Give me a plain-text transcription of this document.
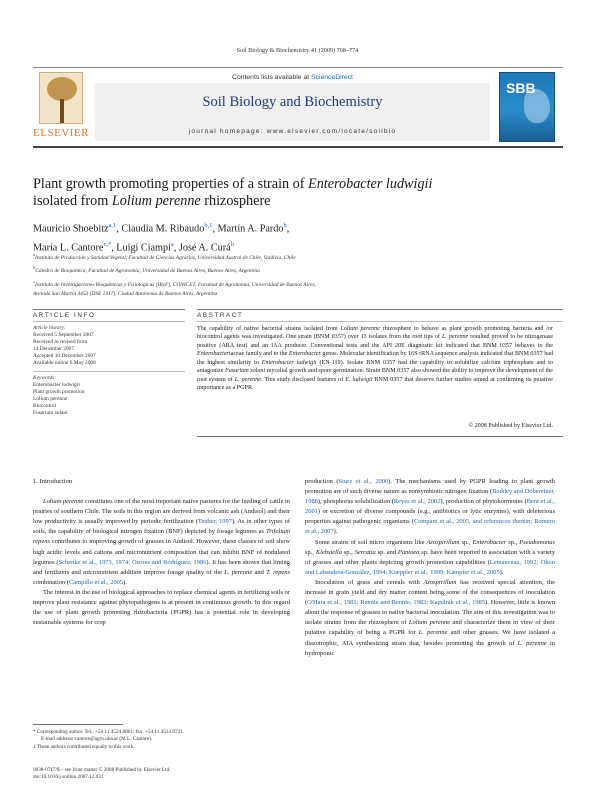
Soil Biology & Biochemistry 41 (2009) 768–774
ELSEVIER
Contents lists available at ScienceDirect
Soil Biology and Biochemistry
journal homepage: www.elsevier.com/locate/soilbio
SBB
Plant growth promoting properties of a strain of Enterobacter ludwigii isolated from Lolium perenne rhizosphere
Mauricio Shoebitz$^{a,1}$, Claudia M. Ribaudo$^{b,1}$, Martín A. Pardo$^b$,
María L. Cantore$^{c,*}$, Luigi Ciampi$^a$, José A. Curá$^b$
$^a$Instituto de Producción y Sanidad Vegetal, Facultad de Ciencias Agrarias, Universidad Austral de Chile, Valdivia, Chile
$^b$Cátedra de Bioquímica, Facultad de Agronomía, Universidad de Buenos Aires, Buenos Aires, Argentina
$^c$Instituto de Investigaciones Bioquímicas y Fisiológicas (IByF), CONICET, Facultad de Agronomía, Universidad de Buenos Aires,
Avenida San Martín 4453 (DSE 1417), Ciudad Autónoma de Buenos Aires, Argentina
ARTICLE INFO	ABSTRACT
Article history:
Received 5 September 2007
Received in revised form
14 December 2007
Accepted 10 December 2007
Available online 6 May 2008
Keywords:
Enterobacter ludwigii
Plant growth promotion
Lolium perenne
Biocontrol
Fusarium solani
The capability of native bacterial strains isolated from Lolium perenne rhizosphere to behave as plant growth promoting bacteria and /or biocontrol agents was investigated. One strain (BNM 0357) over 13 isolates from the root tips of L. perenne resulted proved to be nitrogenase positive (ARA test) and an IAA producer. Conventional tests and the API 20E diagnostic kit indicated that BNM 0357 behaves to the Enterobacteriaceae family and to the Enterobacter genus. Molecular identification by 16S rRNA sequence analysis indicated that BNM 0357 had the highest similarity to Enterobacter ludwigii (EN-119). Isolate BNM 0357 had the capability to solubilize calcium triphosphate and to antagonize Fusarium solani mycelial growth and spore germination. Strain BNM 0357 also showed the ability to improve the development of the root system of L. perenne. This study disclosed features of E. ludwigii BNM 0357 that deserve further studies aimed at confirming its putative importance as a PGPR.
© 2008 Published by Elsevier Ltd.
1. Introduction
Lolium perenne constitutes one of the most important native pastures for the feeding of cattle in prairies of southern Chile. The soils in this region are derived from volcanic ash (Andisol) and their low productivity is usually improved by periodic fertilization (Teuber, 1997). As in other types of soils, the capability of biological nitrogen fixation (BNF) depicted by forage legumes as Trifolium repens contributes to improving growth of grasses in Andisol. However, these classes of soil show high acidic levels and cations and micronutrient composition that can inhibit BNF of nodulated legumes (Schenke et al., 1973, 1974; Osores and Rodríguez, 1986). It has been shown that liming and fertilizers and micronutrient addition improve forage quality of the L. perenne and T. repens combination (Campillo et al., 2005).
The interest in the use of biological approaches to replace chemical agents in fertilizing soils or improve plant resistance against phytopathogens is at present in continuous growth. In this regard the use of plant growth promoting rhizobacteria (PGPR) has a potential role in developing sustainable systems for crop
production (Sturz et al., 2000). The mechanisms used by PGPR leading to plant growth promotion are of such diverse nature as nonsymbiotic nitrogen fixation (Boddey and Döbereiner, 1988), phosphorus solubilization (Reyes et al., 2002), production of phytohormones (Bent et al., 2001) or excretion of diverse compounds (e.g., antibiotics or lytic enzymes), with deleterious properties against pathogenic organisms (Compant et al., 2005, and references therein; Romero et al., 2007).
Some strains of soil micro organisms like Azospirillum sp., Enterobacter sp., Pseudomonas sp., Klebsiella sp., Serratia sp. and Pantoea sp. have been reported in association with a variety of grasses and other plants depicting growth promotion capabilities (Lemanceau, 1992; Okon and Labandera-González, 1994; Koeppler et al., 1999; Kämpfer et al., 2005).
Inoculation of grass and cereals with Azospirillum has received special attention, the increase in grain yield and dry matter content being some of the consequences of inoculation (O'Hara et al., 1981; Rennie and Rennie, 1983; Kapulnik et al., 1985). However, little is known about the response of grasses to native bacterial inoculation. The aim of this investigation was to isolate strains from the rhizosphere of Lolium perenne and characterize them in view of their putative capability of being a PGPR for L. perenne and other grasses. We have isolated a diazotrophic, AIA synthesizing strain that, besides promoting the growth of L. perenne in hydroponic
* Corresponding author. Tel.: +54 11 4524 8061; fax: +54 11 4514 8741.
E-mail address: cantore@agro.uba.ar (M.L. Cantore).
1 These authors contributed equally to this work.
0038-0717/$ – see front matter © 2008 Published by Elsevier Ltd.
doi:10.1016/j.soilbio.2007.12.031
